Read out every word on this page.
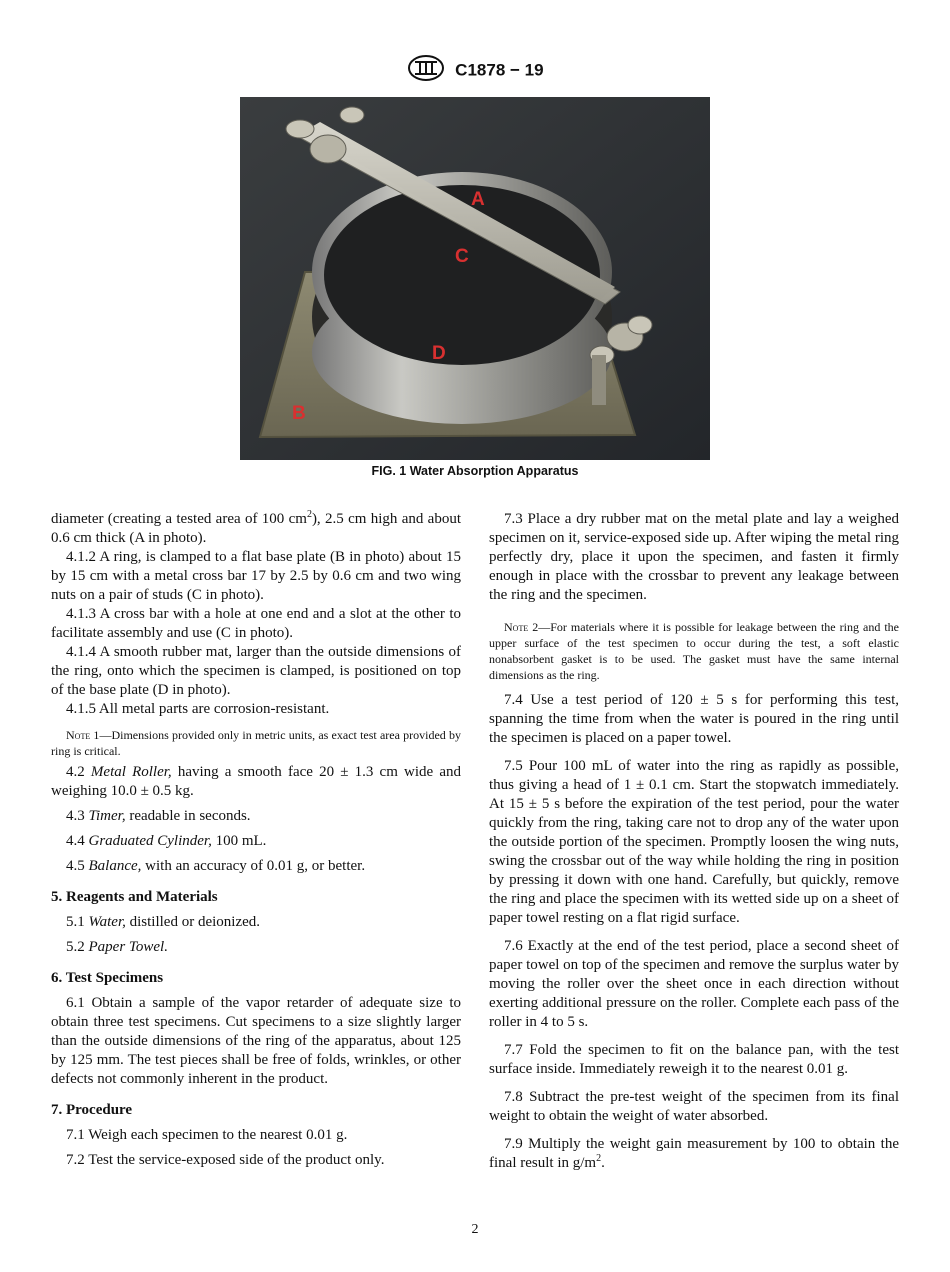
C1878 − 19
A
C
D
B
FIG. 1 Water Absorption Apparatus

diameter (creating a tested area of 100 $cm^2$), 2.5 cm high and about 0.6 cm thick (A in photo).

4.1.2 A ring, is clamped to a flat base plate (B in photo) about 15 by 15 cm with a metal cross bar 17 by 2.5 by 0.6 cm and two wing nuts on a pair of studs (C in photo).

4.1.3 A cross bar with a hole at one end and a slot at the other to facilitate assembly and use (C in photo).

4.1.4 A smooth rubber mat, larger than the outside dimensions of the ring, onto which the specimen is clamped, is positioned on top of the base plate (D in photo).

4.1.5 All metal parts are corrosion-resistant.

Note 1—Dimensions provided only in metric units, as exact test area provided by ring is critical.

4.2 Metal Roller, having a smooth face 20 ± 1.3 cm wide and weighing 10.0 ± 0.5 kg.

4.3 Timer, readable in seconds.

4.4 Graduated Cylinder, 100 mL.

4.5 Balance, with an accuracy of 0.01 g, or better.

5. Reagents and Materials

5.1 Water, distilled or deionized.

5.2 Paper Towel.

6. Test Specimens

6.1 Obtain a sample of the vapor retarder of adequate size to obtain three test specimens. Cut specimens to a size slightly larger than the outside dimensions of the ring of the apparatus, about 125 by 125 mm. The test pieces shall be free of folds, wrinkles, or other defects not commonly inherent in the product.

7. Procedure

7.1 Weigh each specimen to the nearest 0.01 g.

7.2 Test the service-exposed side of the product only.

7.3 Place a dry rubber mat on the metal plate and lay a weighed specimen on it, service-exposed side up. After wiping the metal ring perfectly dry, place it upon the specimen, and fasten it firmly enough in place with the crossbar to prevent any leakage between the ring and the specimen.

Note 2—For materials where it is possible for leakage between the ring and the upper surface of the test specimen to occur during the test, a soft elastic nonabsorbent gasket is to be used. The gasket must have the same internal dimensions as the ring.

7.4 Use a test period of 120 ± 5 s for performing this test, spanning the time from when the water is poured in the ring until the specimen is placed on a paper towel.

7.5 Pour 100 mL of water into the ring as rapidly as possible, thus giving a head of 1 ± 0.1 cm. Start the stopwatch immediately. At 15 ± 5 s before the expiration of the test period, pour the water quickly from the ring, taking care not to drop any of the water upon the outside portion of the specimen. Promptly loosen the wing nuts, swing the crossbar out of the way while holding the ring in position by pressing it down with one hand. Carefully, but quickly, remove the ring and place the specimen with its wetted side up on a sheet of paper towel resting on a flat rigid surface.

7.6 Exactly at the end of the test period, place a second sheet of paper towel on top of the specimen and remove the surplus water by moving the roller over the sheet once in each direction without exerting additional pressure on the roller. Complete each pass of the roller in 4 to 5 s.

7.7 Fold the specimen to fit on the balance pan, with the test surface inside. Immediately reweigh it to the nearest 0.01 g.

7.8 Subtract the pre-test weight of the specimen from its final weight to obtain the weight of water absorbed.

7.9 Multiply the weight gain measurement by 100 to obtain the final result in $g/m^2$.

2
